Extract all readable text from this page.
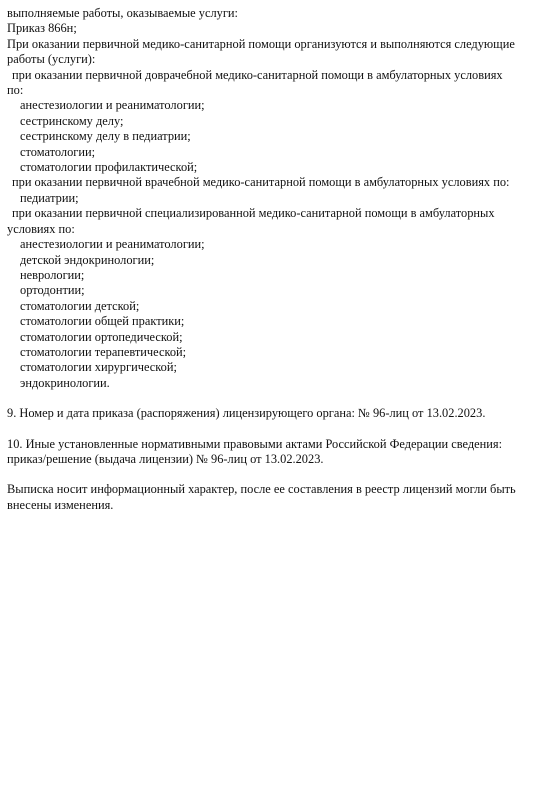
выполняемые работы, оказываемые услуги:
Приказ 866н;
При оказании первичной медико-санитарной помощи организуются и выполняются следующие
работы (услуги):
при оказании первичной доврачебной медико-санитарной помощи в амбулаторных условиях
по:
анестезиологии и реаниматологии;
сестринскому делу;
сестринскому делу в педиатрии;
стоматологии;
стоматологии профилактической;
при оказании первичной врачебной медико-санитарной помощи в амбулаторных условиях по:
педиатрии;
при оказании первичной специализированной медико-санитарной помощи в амбулаторных
условиях по:
анестезиологии и реаниматологии;
детской эндокринологии;
неврологии;
ортодонтии;
стоматологии детской;
стоматологии общей практики;
стоматологии ортопедической;
стоматологии терапевтической;
стоматологии хирургической;
эндокринологии.
9. Номер и дата приказа (распоряжения) лицензирующего органа: № 96-лиц от 13.02.2023.
10. Иные установленные нормативными правовыми актами Российской Федерации сведения:
приказ/решение (выдача лицензии) № 96-лиц от 13.02.2023.
Выписка носит информационный характер, после ее составления в реестр лицензий могли быть
внесены изменения.
